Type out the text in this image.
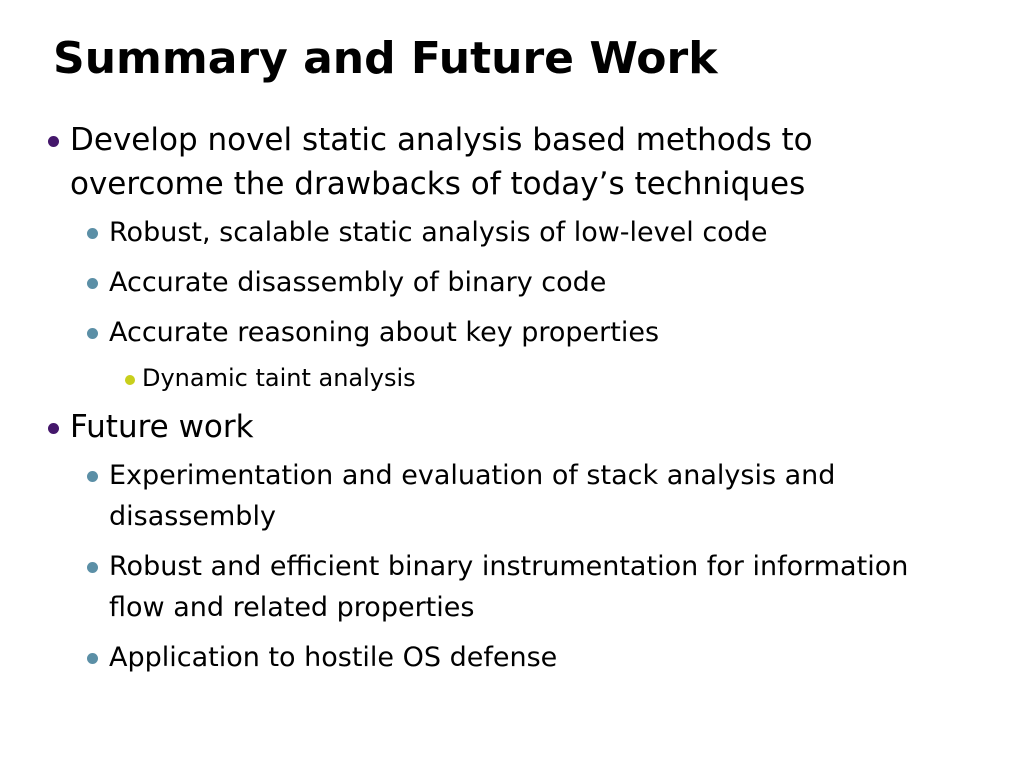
Summary and Future Work
Develop novel static analysis based methods to overcome the drawbacks of today’s techniques
Robust, scalable static analysis of low-level code
Accurate disassembly of binary code
Accurate reasoning about key properties
Dynamic taint analysis
Future work
Experimentation and evaluation of stack analysis and disassembly
Robust and efficient binary instrumentation for information flow and related properties
Application to hostile OS defense
